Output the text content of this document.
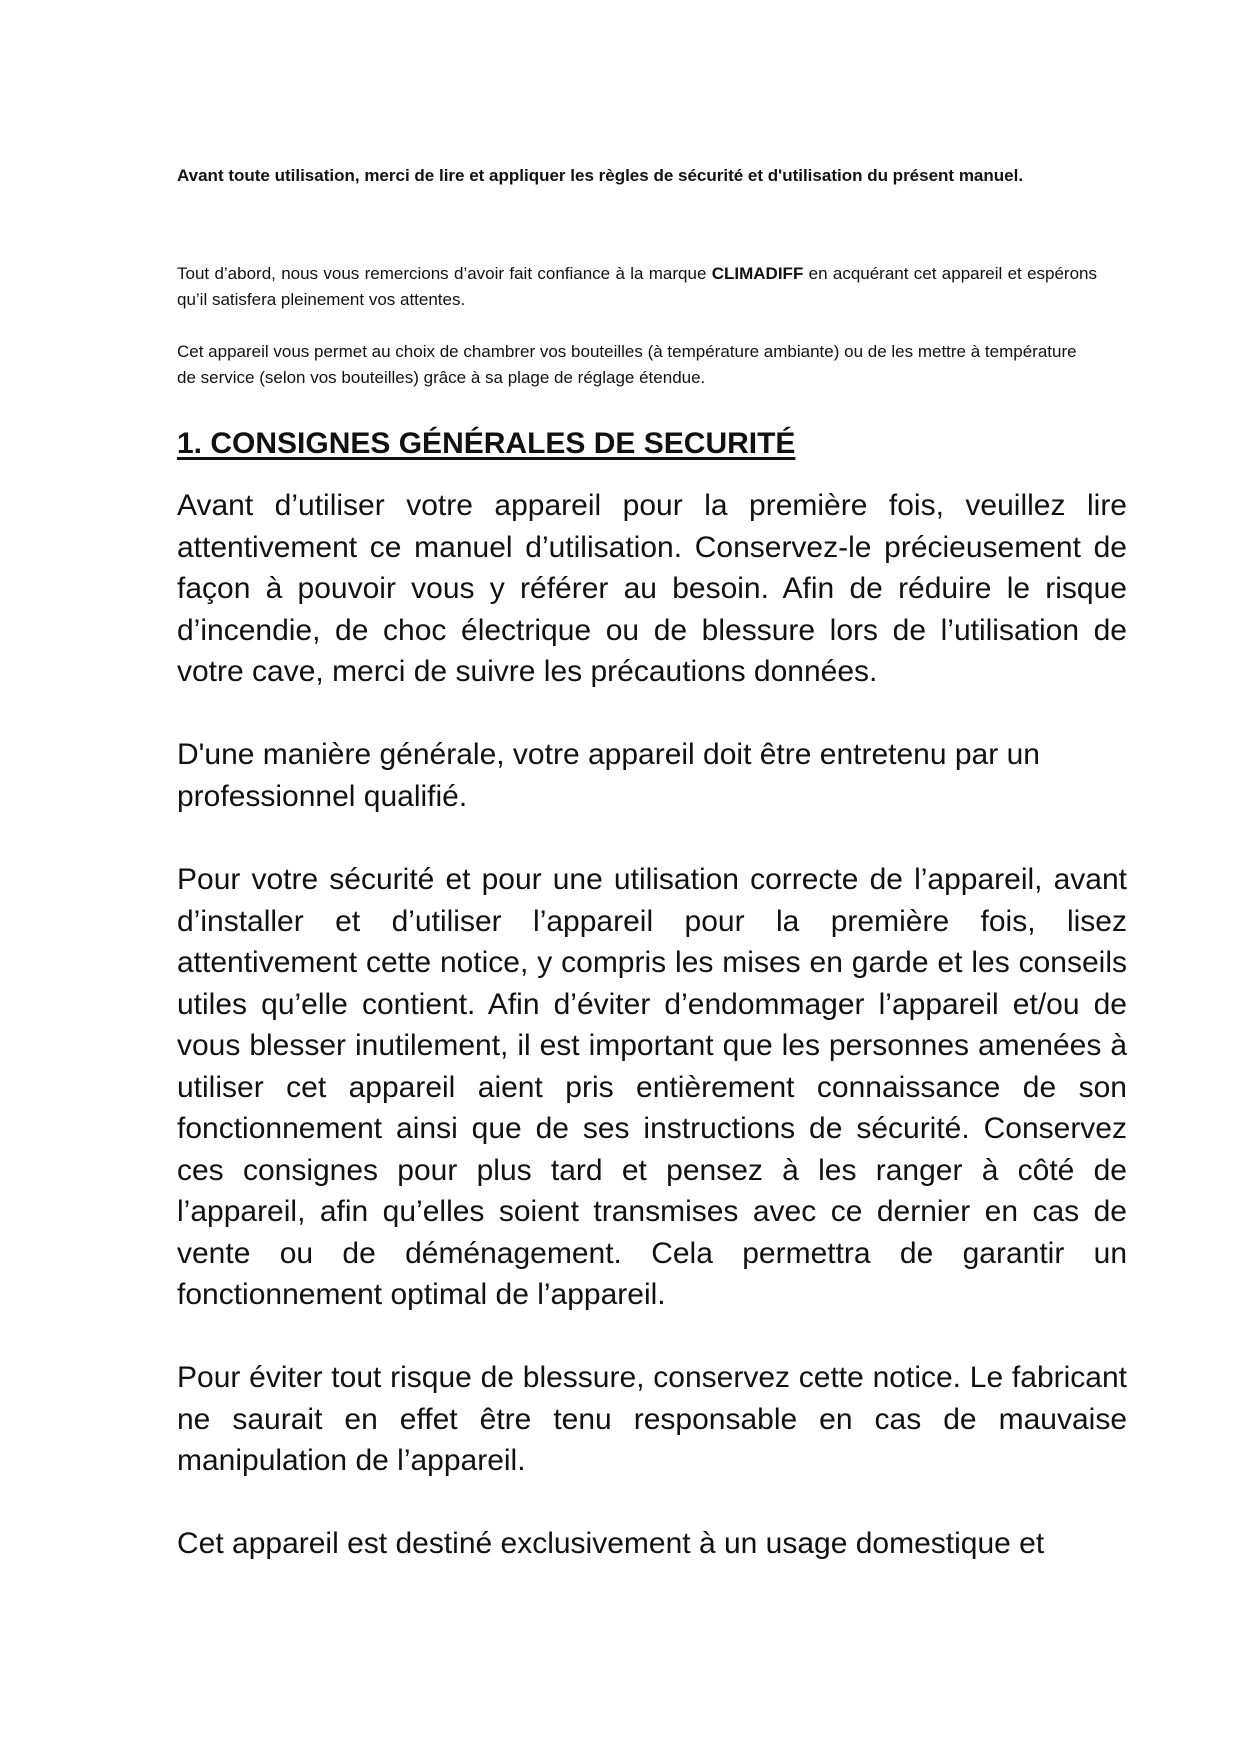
Avant toute utilisation, merci de lire et appliquer les règles de sécurité et d'utilisation du présent manuel.

Tout d’abord, nous vous remercions d’avoir fait confiance à la marque CLIMADIFF en acquérant cet appareil et espérons qu’il satisfera pleinement vos attentes.

Cet appareil vous permet au choix de chambrer vos bouteilles (à température ambiante) ou de les mettre à température de service (selon vos bouteilles) grâce à sa plage de réglage étendue.

1. CONSIGNES GÉNÉRALES DE SECURITÉ

Avant d’utiliser votre appareil pour la première fois, veuillez lire attentivement ce manuel d’utilisation. Conservez-le précieusement de façon à pouvoir vous y référer au besoin. Afin de réduire le risque d’incendie, de choc électrique ou de blessure lors de l’utilisation de votre cave, merci de suivre les précautions données.

D'une manière générale, votre appareil doit être entretenu par un professionnel qualifié.

Pour votre sécurité et pour une utilisation correcte de l’appareil, avant d’installer et d’utiliser l’appareil pour la première fois, lisez attentivement cette notice, y compris les mises en garde et les conseils utiles qu’elle contient. Afin d’éviter d’endommager l’appareil et/ou de vous blesser inutilement, il est important que les personnes amenées à utiliser cet appareil aient pris entièrement connaissance de son fonctionnement ainsi que de ses instructions de sécurité. Conservez ces consignes pour plus tard et pensez à les ranger à côté de l’appareil, afin qu’elles soient transmises avec ce dernier en cas de vente ou de déménagement. Cela permettra de garantir un fonctionnement optimal de l’appareil.

Pour éviter tout risque de blessure, conservez cette notice. Le fabricant ne saurait en effet être tenu responsable en cas de mauvaise manipulation de l’appareil.

Cet appareil est destiné exclusivement à un usage domestique et
